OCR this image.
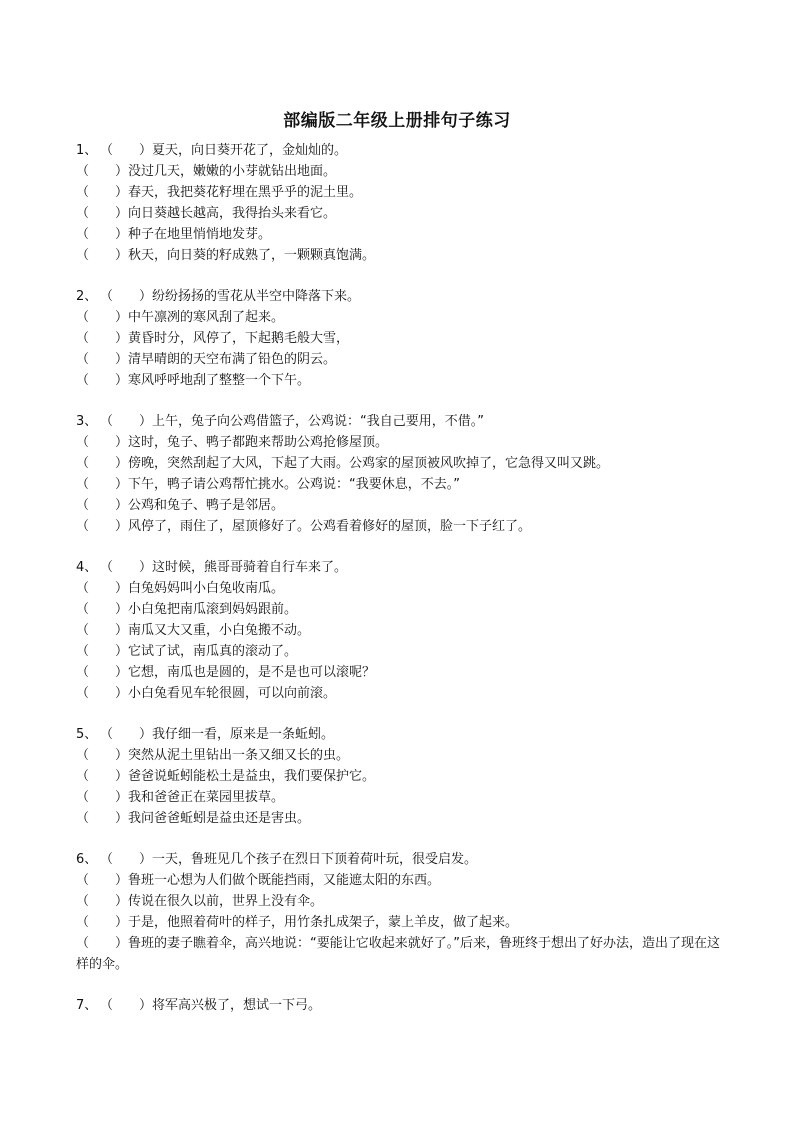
部编版二年级上册排句子练习
1、 （　　）夏天，向日葵开花了，金灿灿的。
（　　）没过几天，嫩嫩的小芽就钻出地面。
（　　）春天，我把葵花籽埋在黑乎乎的泥土里。
（　　）向日葵越长越高，我得抬头来看它。
（　　）种子在地里悄悄地发芽。
（　　）秋天，向日葵的籽成熟了，一颗颗真饱满。
2、 （　　）纷纷扬扬的雪花从半空中降落下来。
（　　）中午凛冽的寒风刮了起来。
（　　）黄昏时分，风停了，下起鹅毛般大雪，
（　　）清早晴朗的天空布满了铅色的阴云。
（　　）寒风呼呼地刮了整整一个下午。
3、 （　　）上午，兔子向公鸡借篮子，公鸡说：“我自己要用，不借。”
（　　）这时，兔子、鸭子都跑来帮助公鸡抢修屋顶。
（　　）傍晚，突然刮起了大风，下起了大雨。公鸡家的屋顶被风吹掉了，它急得又叫又跳。
（　　）下午，鸭子请公鸡帮忙挑水。公鸡说：“我要休息，不去。”
（　　）公鸡和兔子、鸭子是邻居。
（　　）风停了，雨住了，屋顶修好了。公鸡看着修好的屋顶，脸一下子红了。
4、 （　　）这时候，熊哥哥骑着自行车来了。
（　　）白兔妈妈叫小白兔收南瓜。
（　　）小白兔把南瓜滚到妈妈跟前。
（　　）南瓜又大又重，小白兔搬不动。
（　　）它试了试，南瓜真的滚动了。
（　　）它想，南瓜也是圆的，是不是也可以滚呢？
（　　）小白兔看见车轮很圆，可以向前滚。
5、 （　　）我仔细一看，原来是一条蚯蚓。
（　　）突然从泥土里钻出一条又细又长的虫。
（　　）爸爸说蚯蚓能松土是益虫，我们要保护它。
（　　）我和爸爸正在菜园里拔草。
（　　）我问爸爸蚯蚓是益虫还是害虫。
6、 （　　）一天，鲁班见几个孩子在烈日下顶着荷叶玩，很受启发。
（　　）鲁班一心想为人们做个既能挡雨，又能遮太阳的东西。
（　　）传说在很久以前，世界上没有伞。
（　　）于是，他照着荷叶的样子，用竹条扎成架子，蒙上羊皮，做了起来。
（　　）鲁班的妻子瞧着伞，高兴地说：“要能让它收起来就好了。”后来，鲁班终于想出了好办法，造出了现在这样的伞。
7、 （　　）将军高兴极了，想试一下弓。
